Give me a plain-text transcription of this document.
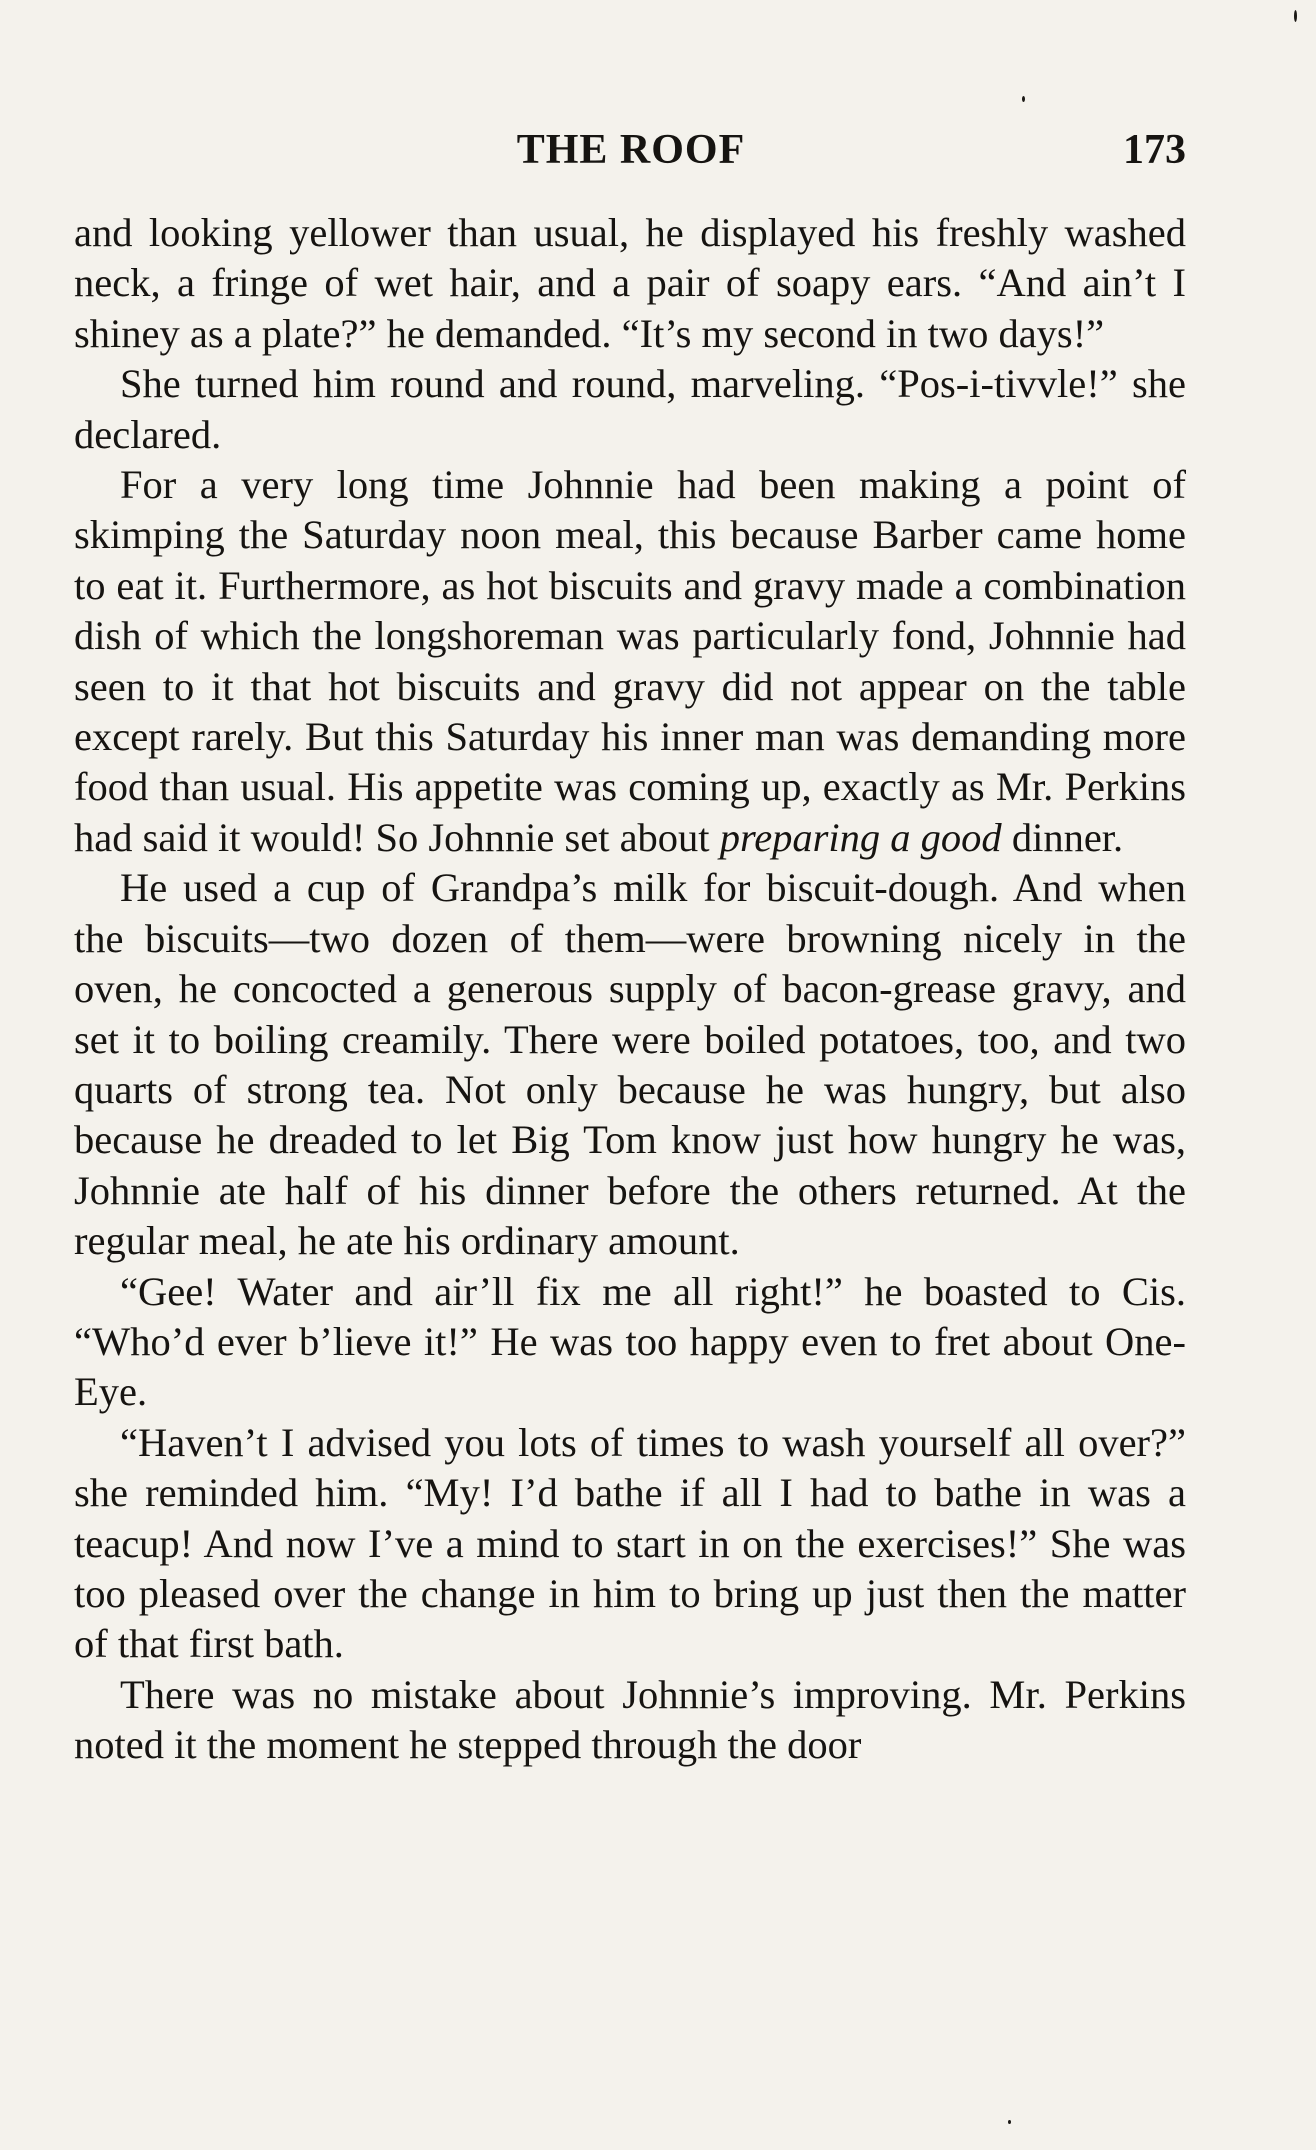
THE ROOF	173

and looking yellower than usual, he displayed his freshly washed neck, a fringe of wet hair, and a pair of soapy ears. “And ain’t I shiney as a plate?” he demanded. “It’s my second in two days!”

She turned him round and round, marveling. “Pos-i-tivvle!” she declared.

For a very long time Johnnie had been making a point of skimping the Saturday noon meal, this because Barber came home to eat it. Furthermore, as hot biscuits and gravy made a combination dish of which the longshoreman was particularly fond, Johnnie had seen to it that hot biscuits and gravy did not appear on the table except rarely. But this Saturday his inner man was demanding more food than usual. His appetite was coming up, exactly as Mr. Perkins had said it would! So Johnnie set about preparing a good dinner.

He used a cup of Grandpa’s milk for biscuit-dough. And when the biscuits—two dozen of them—were browning nicely in the oven, he concocted a generous supply of bacon-grease gravy, and set it to boiling creamily. There were boiled potatoes, too, and two quarts of strong tea. Not only because he was hungry, but also because he dreaded to let Big Tom know just how hungry he was, Johnnie ate half of his dinner before the others returned. At the regular meal, he ate his ordinary amount.

“Gee! Water and air’ll fix me all right!” he boasted to Cis. “Who’d ever b’lieve it!” He was too happy even to fret about One-Eye.

“Haven’t I advised you lots of times to wash yourself all over?” she reminded him. “My! I’d bathe if all I had to bathe in was a teacup! And now I’ve a mind to start in on the exercises!” She was too pleased over the change in him to bring up just then the matter of that first bath.

There was no mistake about Johnnie’s improving. Mr. Perkins noted it the moment he stepped through the door
